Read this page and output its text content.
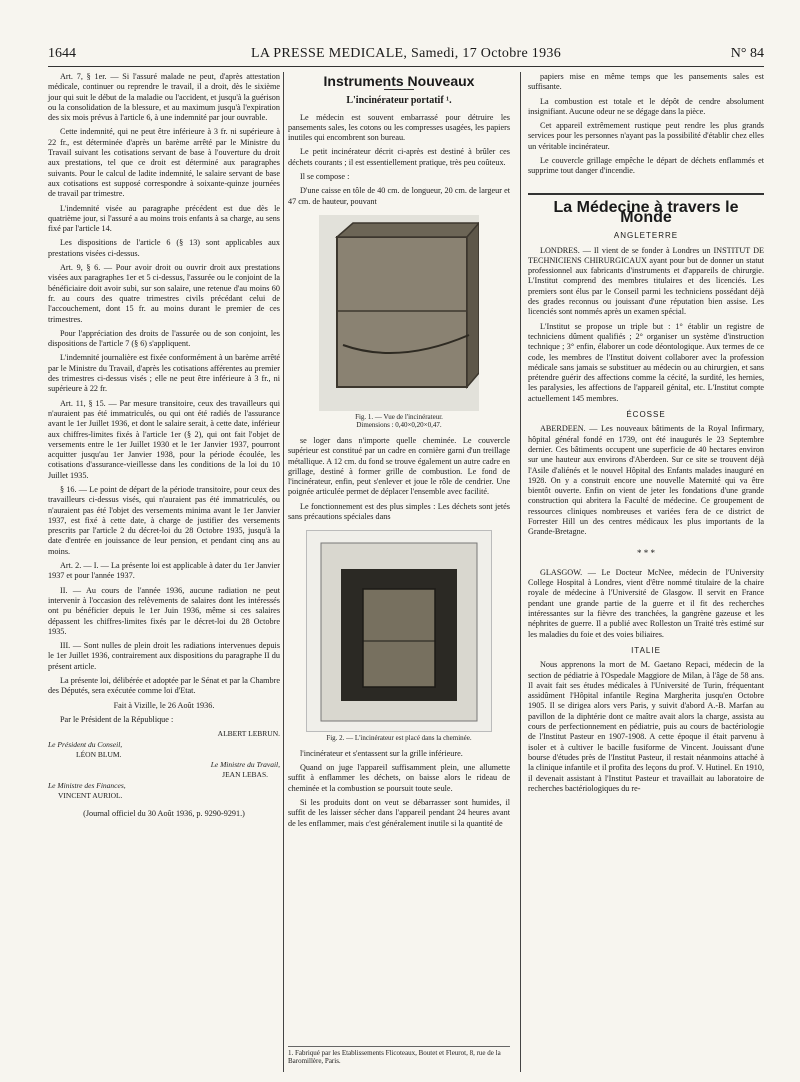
1644	LA PRESSE MEDICALE, Samedi, 17 Octobre 1936	N° 84

Art. 7, § 1er. — Si l'assuré malade ne peut, d'après attestation médicale, continuer ou reprendre le travail, il a droit, dès le sixième jour qui suit le début de la maladie ou l'accident, et jusqu'à la guérison ou la consolidation de la blessure, et au maximum jusqu'à l'expiration des six mois prévus à l'article 6, à une indemnité par jour ouvrable.

Cette indemnité, qui ne peut être inférieure à 3 fr. ni supérieure à 22 fr., est déterminée d'après un barème arrêté par le Ministre du Travail suivant les cotisations servant de base à l'ouverture du droit aux prestations, tel que ce droit est déterminé aux paragraphes suivants. Pour le calcul de ladite indemnité, le salaire servant de base aux cotisations est supposé correspondre à soixante-quinze journées de travail par trimestre.

L'indemnité visée au paragraphe précédent est due dès le quatrième jour, si l'assuré a au moins trois enfants à sa charge, au sens fixé par l'article 14.

Les dispositions de l'article 6 (§ 13) sont applicables aux prestations visées ci-dessus.

Art. 9, § 6. — Pour avoir droit ou ouvrir droit aux prestations visées aux paragraphes 1er et 5 ci-dessus, l'assurée ou le conjoint de la bénéficiaire doit avoir subi, sur son salaire, une retenue d'au moins 60 fr. au cours des quatre trimestres civils précédant celui de l'accouchement, dont 15 fr. au moins durant le premier de ces trimestres.

Pour l'appréciation des droits de l'assurée ou de son conjoint, les dispositions de l'article 7 (§ 6) s'appliquent.

L'indemnité journalière est fixée conformément à un barème arrêté par le Ministre du Travail, d'après les cotisations afférentes au premier des trimestres ci-dessus visés ; elle ne peut être inférieure à 3 fr., ni supérieure à 22 fr.

Art. 11, § 15. — Par mesure transitoire, ceux des travailleurs qui n'auraient pas été immatriculés, ou qui ont été radiés de l'assurance avant le 1er Juillet 1936, et dont le salaire serait, à cette date, inférieur aux chiffres-limites fixés à l'article 1er (§ 2), qui ont fait l'objet de versements entre le 1er Juillet 1930 et le 1er Janvier 1937, pourront acquitter jusqu'au 1er Janvier 1938, pour la période écoulée, les cotisations d'assurance-vieillesse dans les conditions de la loi du 10 Juillet 1935.

§ 16. — Le point de départ de la période transitoire, pour ceux des travailleurs ci-dessus visés, qui n'auraient pas été immatriculés, ou n'auraient pas été l'objet des versements minima avant le 1er Janvier 1937, est fixé à cette date, à charge de justifier des versements prescrits par l'article 2 du décret-loi du 28 Octobre 1935, jusqu'à la date d'entrée en jouissance de leur pension, et pendant cinq ans au moins.

Art. 2. — I. — La présente loi est applicable à dater du 1er Janvier 1937 et pour l'année 1937.

II. — Au cours de l'année 1936, aucune radiation ne peut intervenir à l'occasion des relèvements de salaires dont les intéressés ont pu bénéficier depuis le 1er Juin 1936, même si ces salaires dépassent les chiffres-limites fixés par le décret-loi du 28 Octobre 1935.

III. — Sont nulles de plein droit les radiations intervenues depuis le 1er Juillet 1936, contrairement aux dispositions du paragraphe II du présent article.

La présente loi, délibérée et adoptée par le Sénat et par la Chambre des Députés, sera exécutée comme loi d'Etat.

Fait à Vizille, le 26 Août 1936.

Par le Président de la République :

ALBERT LEBRUN.
Le Président du Conseil,
LÉON BLUM.
Le Ministre du Travail,
JEAN LEBAS.
Le Ministre des Finances,
VINCENT AURIOL.

(Journal officiel du 30 Août 1936, p. 9290-9291.)

Instruments Nouveaux
L'incinérateur portatif ¹.

Le médecin est souvent embarrassé pour détruire les pansements sales, les cotons ou les compresses usagées, les papiers inutiles qui encombrent son bureau.

Le petit incinérateur décrit ci-après est destiné à brûler ces déchets courants ; il est essentiellement pratique, très peu coûteux.

Il se compose :

D'une caisse en tôle de 40 cm. de longueur, 20 cm. de largeur et 47 cm. de hauteur, pouvant

Fig. 1. — Vue de l'incinérateur.
Dimensions : 0,40×0,20×0,47.

se loger dans n'importe quelle cheminée. Le couvercle supérieur est constitué par un cadre en cornière garni d'un treillage métallique. A 12 cm. du fond se trouve également un autre cadre en grillage, destiné à former grille de combustion. Le fond de l'incinérateur, enfin, peut s'enlever et joue le rôle de cendrier. Une poignée articulée permet de déplacer l'ensemble avec facilité.

Le fonctionnement est des plus simples : Les déchets sont jetés sans précautions spéciales dans

Fig. 2. — L'incinérateur est placé dans la cheminée.

l'incinérateur et s'entassent sur la grille inférieure.

Quand on juge l'appareil suffisamment plein, une allumette suffit à enflammer les déchets, on baisse alors le rideau de cheminée et la combustion se poursuit toute seule.

Si les produits dont on veut se débarrasser sont humides, il suffit de les laisser sécher dans l'appareil pendant 24 heures avant de les enflammer, mais c'est généralement inutile si la quantité de

1. Fabriqué par les Etablissements Flicoteaux, Boutet et Fleurot, 8, rue de la Baromillère, Paris.

papiers mise en même temps que les pansements sales est suffisante.

La combustion est totale et le dépôt de cendre absolument insignifiant. Aucune odeur ne se dégage dans la pièce.

Cet appareil extrêmement rustique peut rendre les plus grands services pour les personnes n'ayant pas la possibilité d'établir chez elles un véritable incinérateur.

Le couvercle grillage empêche le départ de déchets enflammés et supprime tout danger d'incendie.

La Médecine à travers le Monde
ANGLETERRE

LONDRES. — Il vient de se fonder à Londres un INSTITUT DE TECHNICIENS CHIRURGICAUX ayant pour but de donner un statut professionnel aux fabricants d'instruments et d'appareils de chirurgie. L'Institut comprend des membres titulaires et des licenciés. Les premiers sont élus par le Conseil parmi les techniciens possédant déjà des grades reconnus ou jouissant d'une réputation bien assise. Les licenciés sont nommés après un examen spécial.

L'Institut se propose un triple but : 1° établir un registre de techniciens dûment qualifiés ; 2° organiser un système d'instruction technique ; 3° enfin, élaborer un code déontologique. Aux termes de ce code, les membres de l'Institut doivent collaborer avec la profession médicale sans jamais se substituer au médecin ou au chirurgien, et sans prétendre guérir des affections comme la cécité, la surdité, les hernies, les paralysies, les affections de l'appareil génital, etc. L'Institut compte actuellement 145 membres.

ÉCOSSE

ABERDEEN. — Les nouveaux bâtiments de la Royal Infirmary, hôpital général fondé en 1739, ont été inaugurés le 23 Septembre dernier. Ces bâtiments occupent une superficie de 40 hectares environ sur une hauteur aux environs d'Aberdeen. Sur ce site se trouvent déjà l'Asile d'aliénés et le nouvel Hôpital des Enfants malades inauguré en 1928. On y a construit encore une nouvelle Maternité qui va être bientôt ouverte. Enfin on vient de jeter les fondations d'une grande construction qui abritera la Faculté de médecine. Ce groupement de ressources cliniques nombreuses et variées fera de ce district de Forrester Hill un des centres médicaux les plus importants de la Grande-Bretagne.

* * *

GLASGOW. — Le Docteur McNee, médecin de l'University College Hospital à Londres, vient d'être nommé titulaire de la chaire royale de médecine à l'Université de Glasgow. Il servit en France pendant une grande partie de la guerre et il fit des recherches intéressantes sur la fièvre des tranchées, la gangrène gazeuse et les néphrites de guerre. Il a publié avec Rolleston un Traité très estimé sur les maladies du foie et des voies biliaires.

ITALIE

Nous apprenons la mort de M. Gaetano Repaci, médecin de la section de pédiatrie à l'Ospedale Maggiore de Milan, à l'âge de 58 ans. Il avait fait ses études médicales à l'Université de Turin, fréquentant assidûment l'Hôpital infantile Regina Margherita jusqu'en Octobre 1905. Il se dirigea alors vers Paris, y suivit d'abord A.-B. Marfan au pavillon de la diphtérie dont ce maître avait alors la charge, assista au cours de perfectionnement en pédiatrie, puis au cours de bactériologie de l'Institut Pasteur en 1907-1908. A cette époque il était parvenu à isoler et à cultiver le bacille fusiforme de Vincent. Jouissant d'une bourse d'études près de l'Institut Pasteur, il restait néanmoins attaché à la clinique infantile et il profita des leçons du prof. V. Hutinel. En 1910, il devenait assistant à l'Institut Pasteur et travaillait au laboratoire de recherches bactériologiques du re-
